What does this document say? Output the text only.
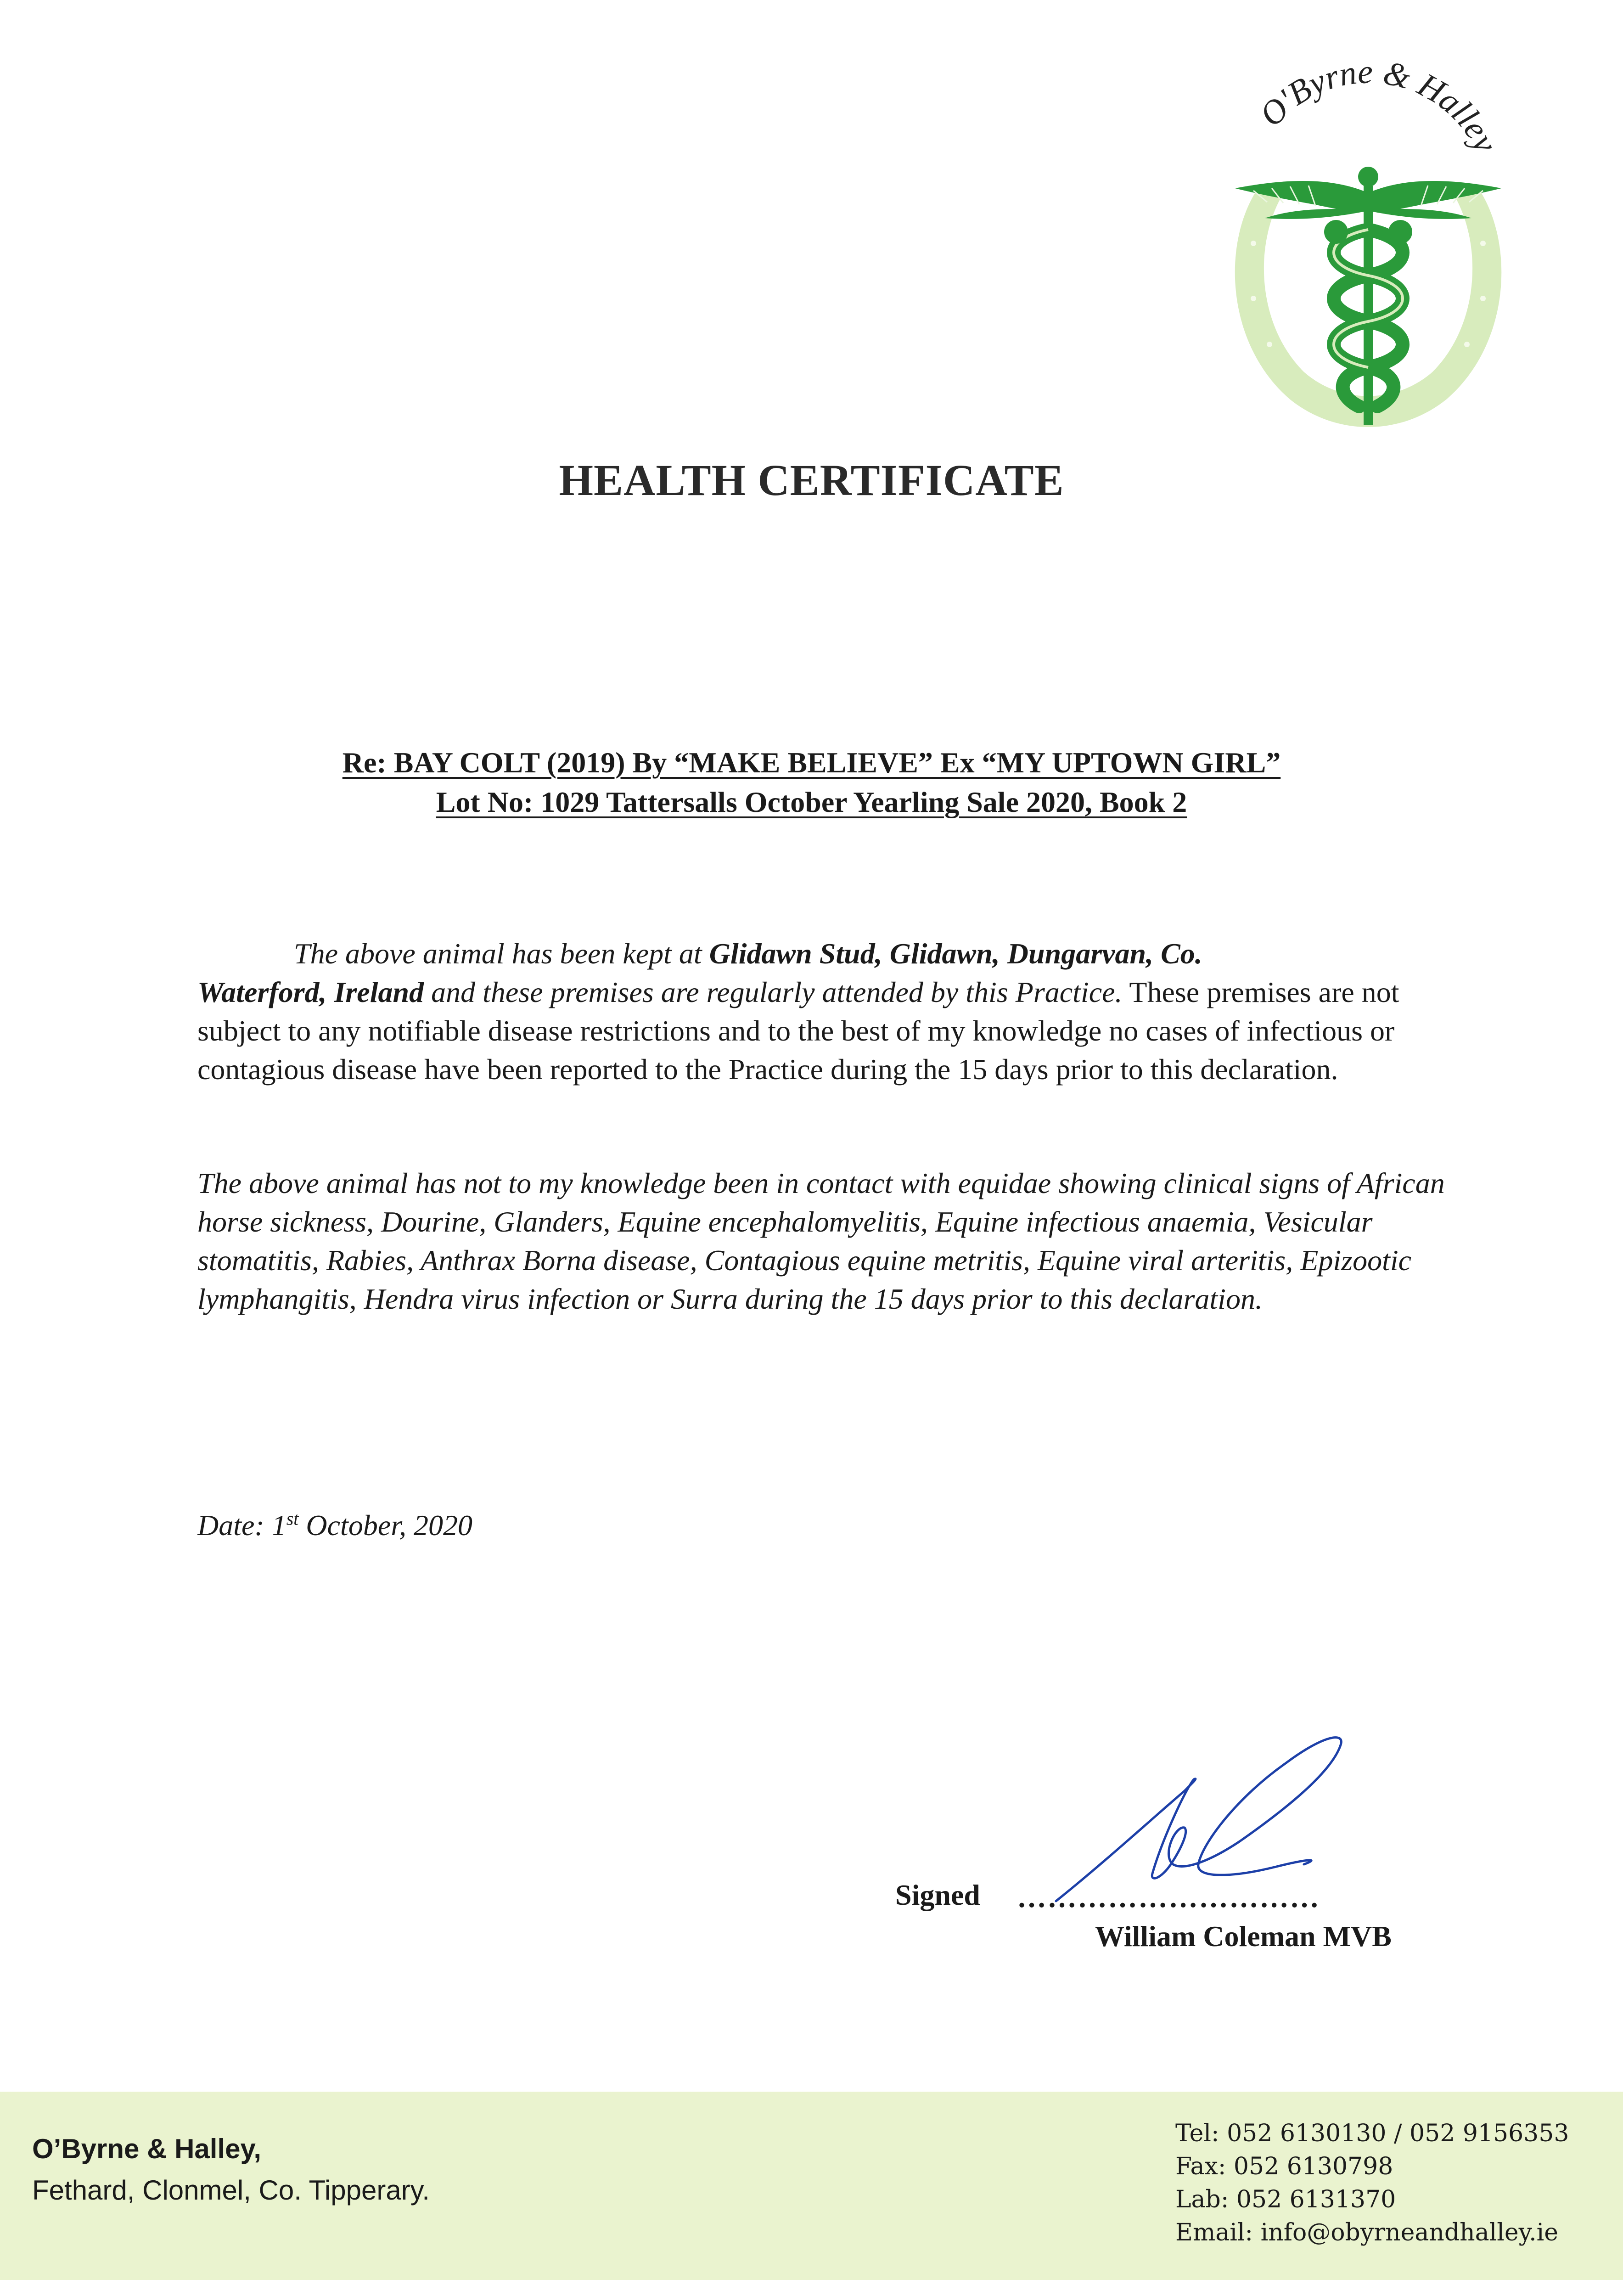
O'Byrne & Halley
HEALTH CERTIFICATE
Re: BAY COLT (2019) By “MAKE BELIEVE” Ex “MY UPTOWN GIRL”
Lot No: 1029 Tattersalls October Yearling Sale 2020, Book 2
The above animal has been kept at Glidawn Stud, Glidawn, Dungarvan, Co.
Waterford, Ireland and these premises are regularly attended by this Practice. These premises are not subject to any notifiable disease restrictions and to the best of my knowledge no cases of infectious or contagious disease have been reported to the Practice during the 15 days prior to this declaration.
The above animal has not to my knowledge been in contact with equidae showing clinical signs of African horse sickness, Dourine, Glanders, Equine encephalomyelitis, Equine infectious anaemia, Vesicular stomatitis, Rabies, Anthrax Borna disease, Contagious equine metritis, Equine viral arteritis, Epizootic lymphangitis, Hendra virus infection or Surra during the 15 days prior to this declaration.
Date: 1st October, 2020
Signed …………………………
William Coleman MVB
O’Byrne & Halley,
Fethard, Clonmel, Co. Tipperary.
Tel: 052 6130130 / 052 9156353
Fax: 052 6130798
Lab: 052 6131370
Email: info@obyrneandhalley.ie
